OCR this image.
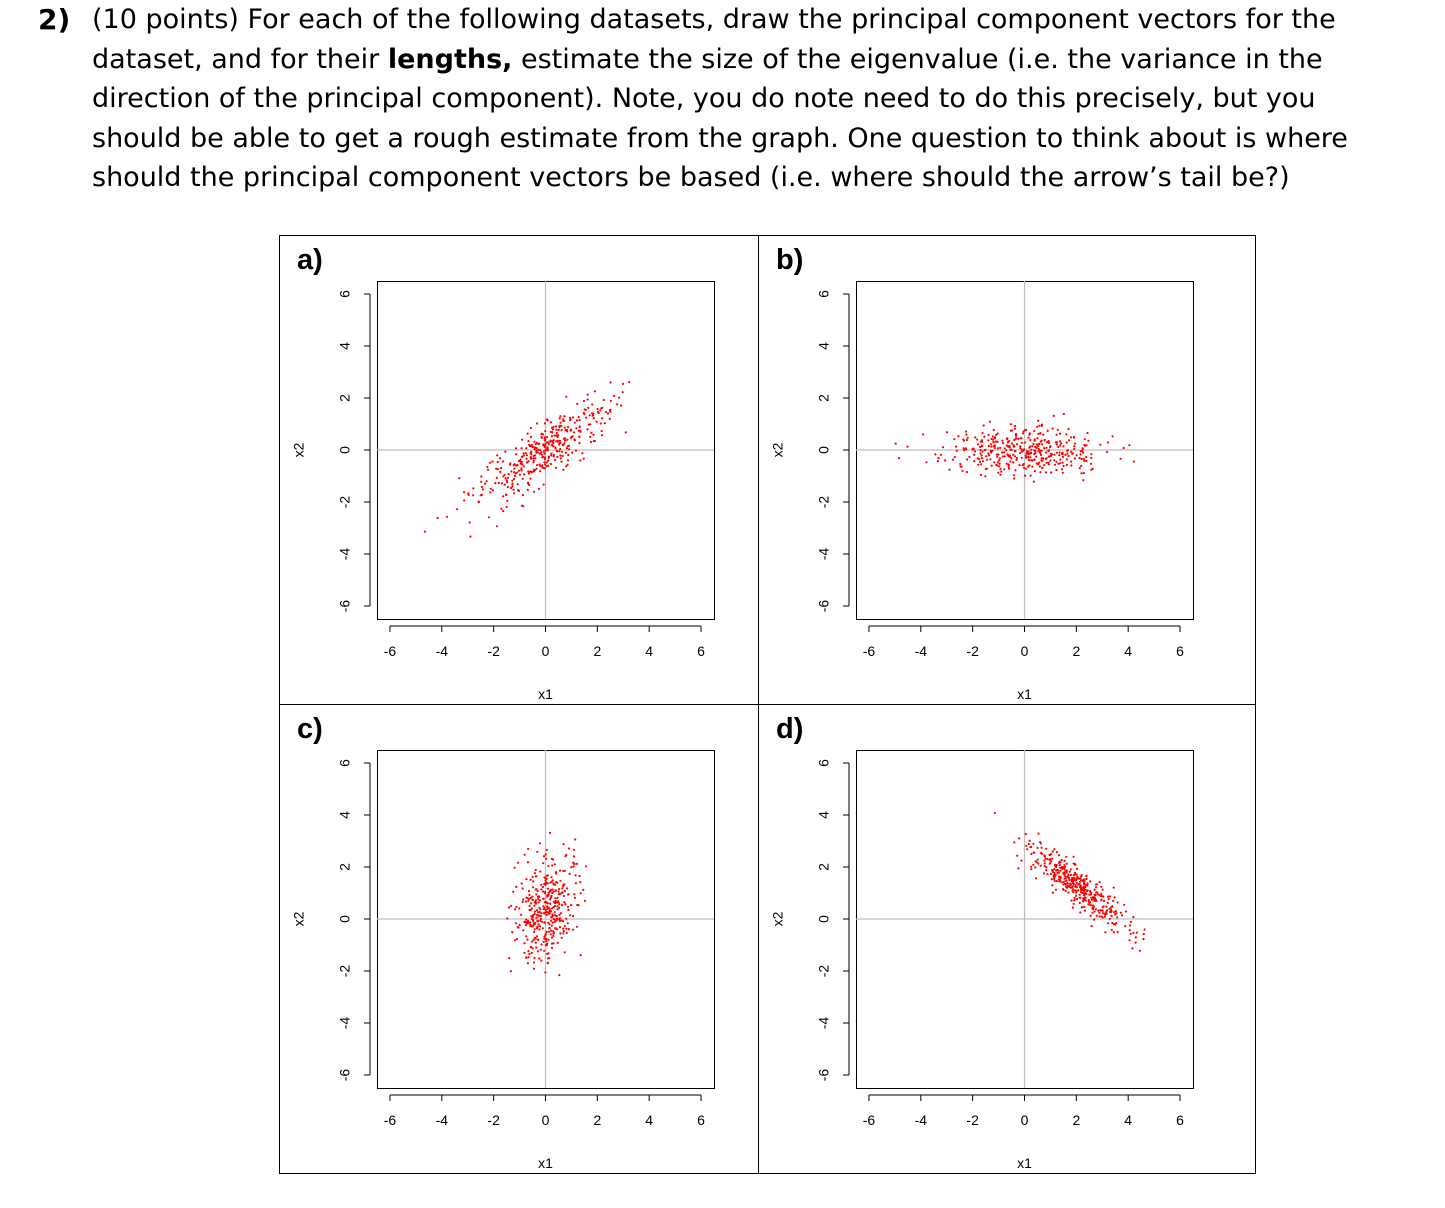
2) (10 points) For each of the following datasets, draw the principal component vectors for the
dataset, and for their lengths, estimate the size of the eigenvalue (i.e. the variance in the
direction of the principal component). Note, you do note need to do this precisely, but you
should be able to get a rough estimate from the graph. One question to think about is where
should the principal component vectors be based (i.e. where should the arrow’s tail be?)
a)
-6	-4	-2	0	2	4	6
x1
-6
-4
-2
0
2
4
6
x2
b)
-6	-4	-2	0	2	4	6
x1
-6
-4
-2
0
2
4
6
x2
c)
-6	-4	-2	0	2	4	6
x1
-6
-4
-2
0
2
4
6
x2
d)
-6	-4	-2	0	2	4	6
x1
-6
-4
-2
0
2
4
6
x2
